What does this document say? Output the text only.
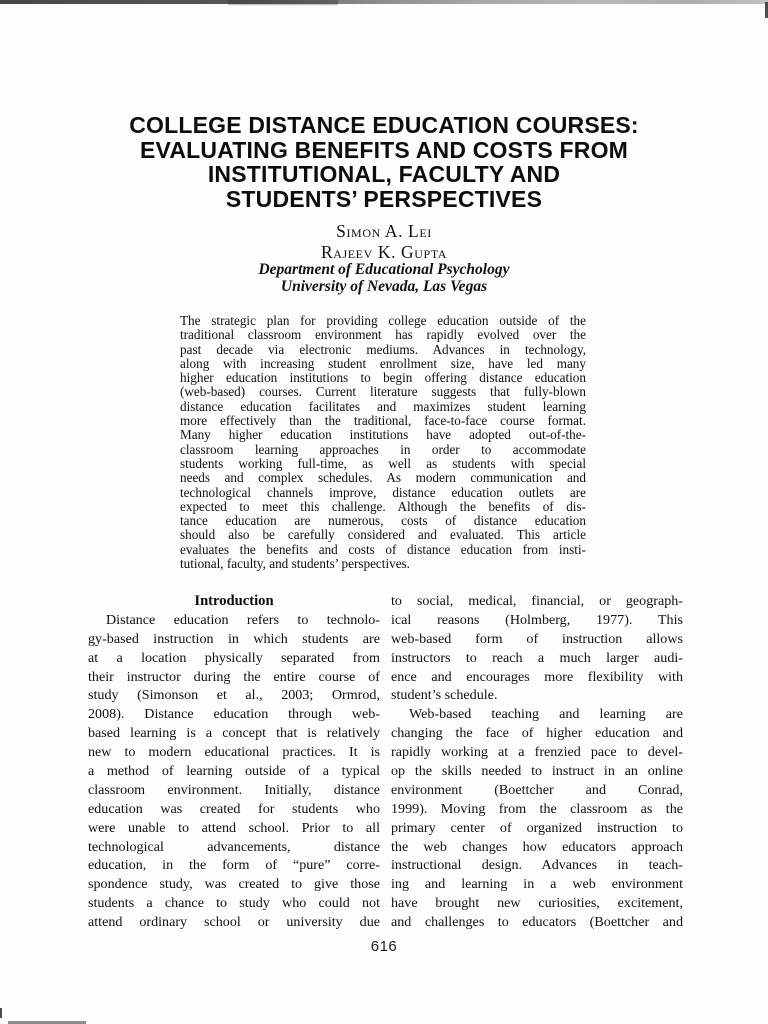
COLLEGE DISTANCE EDUCATION COURSES:
EVALUATING BENEFITS AND COSTS FROM
INSTITUTIONAL, FACULTY AND
STUDENTS’ PERSPECTIVES
Simon A. Lei
Rajeev K. Gupta
Department of Educational Psychology
University of Nevada, Las Vegas
The strategic plan for providing college education outside of the
traditional classroom environment has rapidly evolved over the
past decade via electronic mediums. Advances in technology,
along with increasing student enrollment size, have led many
higher education institutions to begin offering distance education
(web-based) courses. Current literature suggests that fully-blown
distance education facilitates and maximizes student learning
more effectively than the traditional, face-to-face course format.
Many higher education institutions have adopted out-of-the-
classroom learning approaches in order to accommodate
students working full-time, as well as students with special
needs and complex schedules. As modern communication and
technological channels improve, distance education outlets are
expected to meet this challenge. Although the benefits of dis-
tance education are numerous, costs of distance education
should also be carefully considered and evaluated. This article
evaluates the benefits and costs of distance education from insti-
tutional, faculty, and students’ perspectives.
Introduction
Distance education refers to technolo-
gy-based instruction in which students are
at a location physically separated from
their instructor during the entire course of
study (Simonson et al., 2003; Ormrod,
2008). Distance education through web-
based learning is a concept that is relatively
new to modern educational practices. It is
a method of learning outside of a typical
classroom environment. Initially, distance
education was created for students who
were unable to attend school. Prior to all
technological advancements, distance
education, in the form of “pure” corre-
spondence study, was created to give those
students a chance to study who could not
attend ordinary school or university due
to social, medical, financial, or geograph-
ical reasons (Holmberg, 1977). This
web-based form of instruction allows
instructors to reach a much larger audi-
ence and encourages more flexibility with
student’s schedule.
Web-based teaching and learning are
changing the face of higher education and
rapidly working at a frenzied pace to devel-
op the skills needed to instruct in an online
environment (Boettcher and Conrad,
1999). Moving from the classroom as the
primary center of organized instruction to
the web changes how educators approach
instructional design. Advances in teach-
ing and learning in a web environment
have brought new curiosities, excitement,
and challenges to educators (Boettcher and
616
